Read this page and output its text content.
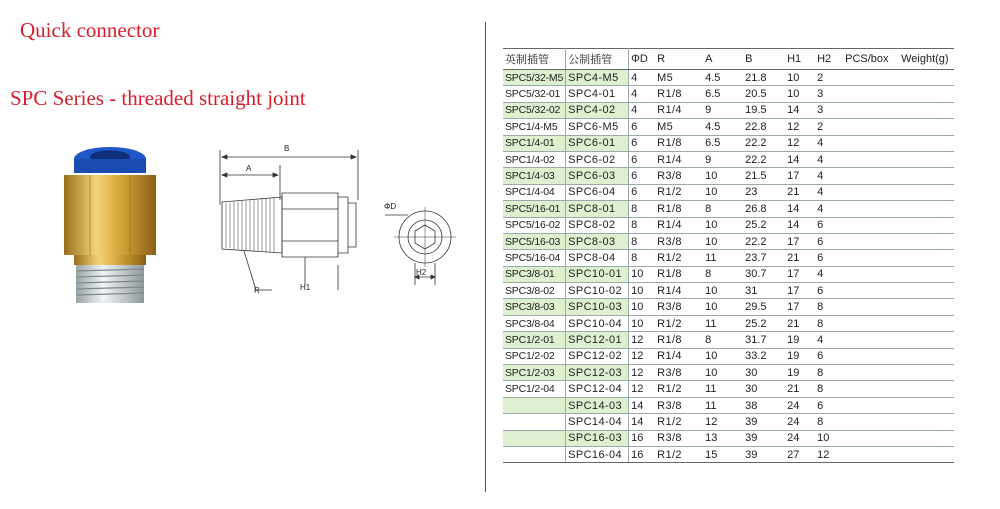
Quick connector
SPC Series - threaded straight joint
B
A
R	H1
ΦD
H2
英制插管	公制插管	ΦD	R	A	B	H1	H2	PCS/box	Weight(g)
SPC5/32-M5	SPC4-M5	4	M5	4.5	21.8	10	2		
SPC5/32-01	SPC4-01	4	R1/8	6.5	20.5	10	3		
SPC5/32-02	SPC4-02	4	R1/4	9	19.5	14	3		
SPC1/4-M5	SPC6-M5	6	M5	4.5	22.8	12	2		
SPC1/4-01	SPC6-01	6	R1/8	6.5	22.2	12	4		
SPC1/4-02	SPC6-02	6	R1/4	9	22.2	14	4		
SPC1/4-03	SPC6-03	6	R3/8	10	21.5	17	4		
SPC1/4-04	SPC6-04	6	R1/2	10	23	21	4		
SPC5/16-01	SPC8-01	8	R1/8	8	26.8	14	4		
SPC5/16-02	SPC8-02	8	R1/4	10	25.2	14	6		
SPC5/16-03	SPC8-03	8	R3/8	10	22.2	17	6		
SPC5/16-04	SPC8-04	8	R1/2	11	23.7	21	6		
SPC3/8-01	SPC10-01	10	R1/8	8	30.7	17	4		
SPC3/8-02	SPC10-02	10	R1/4	10	31	17	6		
SPC3/8-03	SPC10-03	10	R3/8	10	29.5	17	8		
SPC3/8-04	SPC10-04	10	R1/2	11	25.2	21	8		
SPC1/2-01	SPC12-01	12	R1/8	8	31.7	19	4		
SPC1/2-02	SPC12-02	12	R1/4	10	33.2	19	6		
SPC1/2-03	SPC12-03	12	R3/8	10	30	19	8		
SPC1/2-04	SPC12-04	12	R1/2	11	30	21	8		
	SPC14-03	14	R3/8	11	38	24	6		
	SPC14-04	14	R1/2	12	39	24	8		
	SPC16-03	16	R3/8	13	39	24	10		
	SPC16-04	16	R1/2	15	39	27	12		
